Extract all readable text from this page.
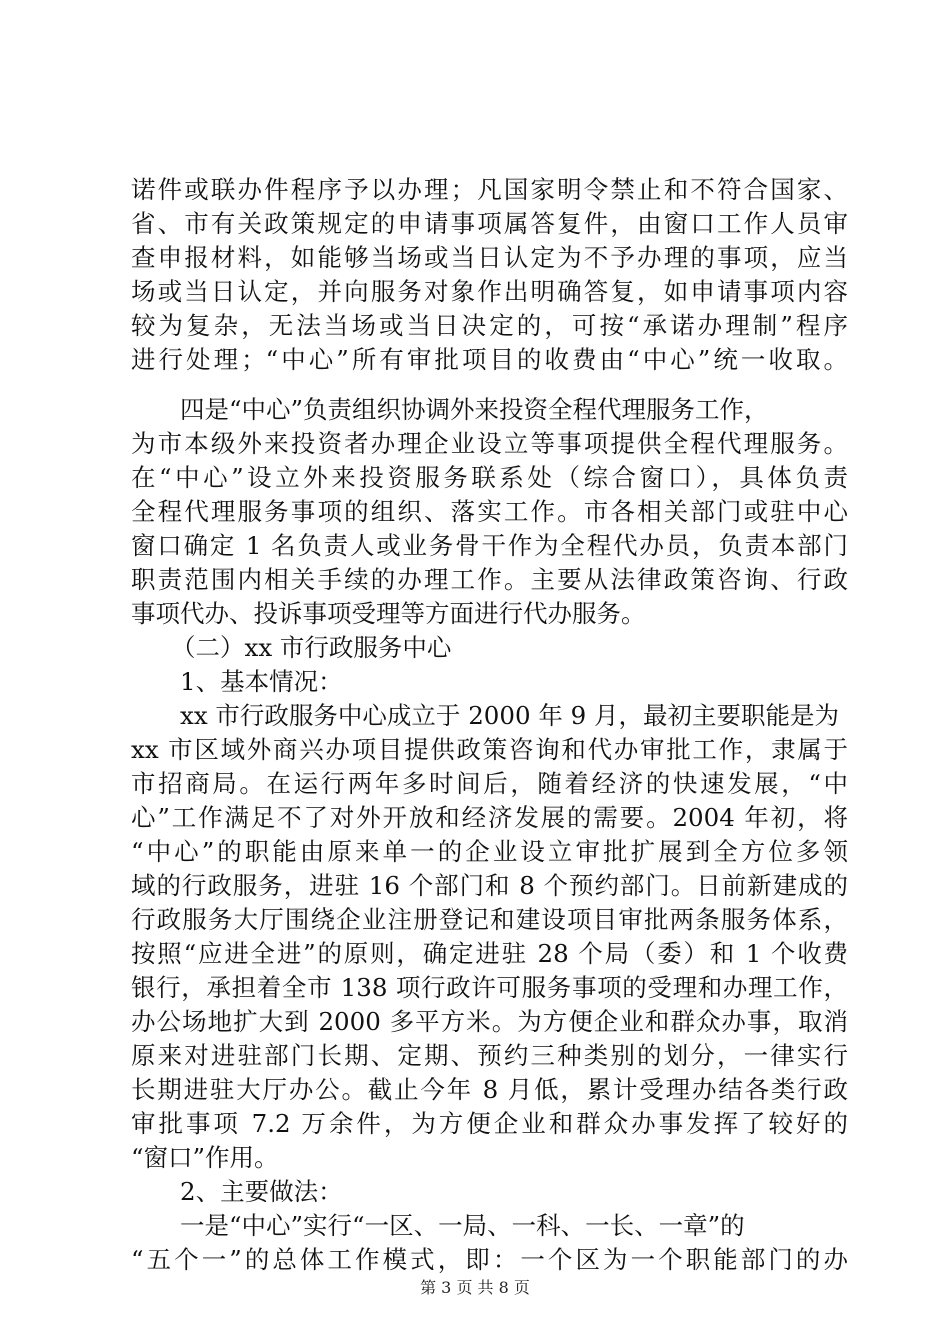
诺件或联办件程序予以办理；凡国家明令禁止和不符合国家、
省、市有关政策规定的申请事项属答复件，由窗口工作人员审
查申报材料，如能够当场或当日认定为不予办理的事项，应当
场或当日认定，并向服务对象作出明确答复，如申请事项内容
较为复杂，无法当场或当日决定的，可按“承诺办理制”程序
进行处理；“中心”所有审批项目的收费由“中心”统一收取。
四是“中心”负责组织协调外来投资全程代理服务工作，
为市本级外来投资者办理企业设立等事项提供全程代理服务。
在“中心”设立外来投资服务联系处（综合窗口），具体负责
全程代理服务事项的组织、落实工作。市各相关部门或驻中心
窗口确定 1 名负责人或业务骨干作为全程代办员，负责本部门
职责范围内相关手续的办理工作。主要从法律政策咨询、行政
事项代办、投诉事项受理等方面进行代办服务。
（二）xx 市行政服务中心
1、基本情况：
xx 市行政服务中心成立于 2000 年 9 月，最初主要职能是为
xx 市区域外商兴办项目提供政策咨询和代办审批工作，隶属于
市招商局。在运行两年多时间后，随着经济的快速发展，“中
心”工作满足不了对外开放和经济发展的需要。2004 年初，将
“中心”的职能由原来单一的企业设立审批扩展到全方位多领
域的行政服务，进驻 16 个部门和 8 个预约部门。日前新建成的
行政服务大厅围绕企业注册登记和建设项目审批两条服务体系，
按照“应进全进”的原则，确定进驻 28 个局（委）和 1 个收费
银行，承担着全市 138 项行政许可服务事项的受理和办理工作，
办公场地扩大到 2000 多平方米。为方便企业和群众办事，取消
原来对进驻部门长期、定期、预约三种类别的划分，一律实行
长期进驻大厅办公。截止今年 8 月低，累计受理办结各类行政
审批事项 7.2 万余件，为方便企业和群众办事发挥了较好的
“窗口”作用。
2、主要做法：
一是“中心”实行“一区、一局、一科、一长、一章”的
“五个一”的总体工作模式，即：一个区为一个职能部门的办
第 3 页 共 8 页
